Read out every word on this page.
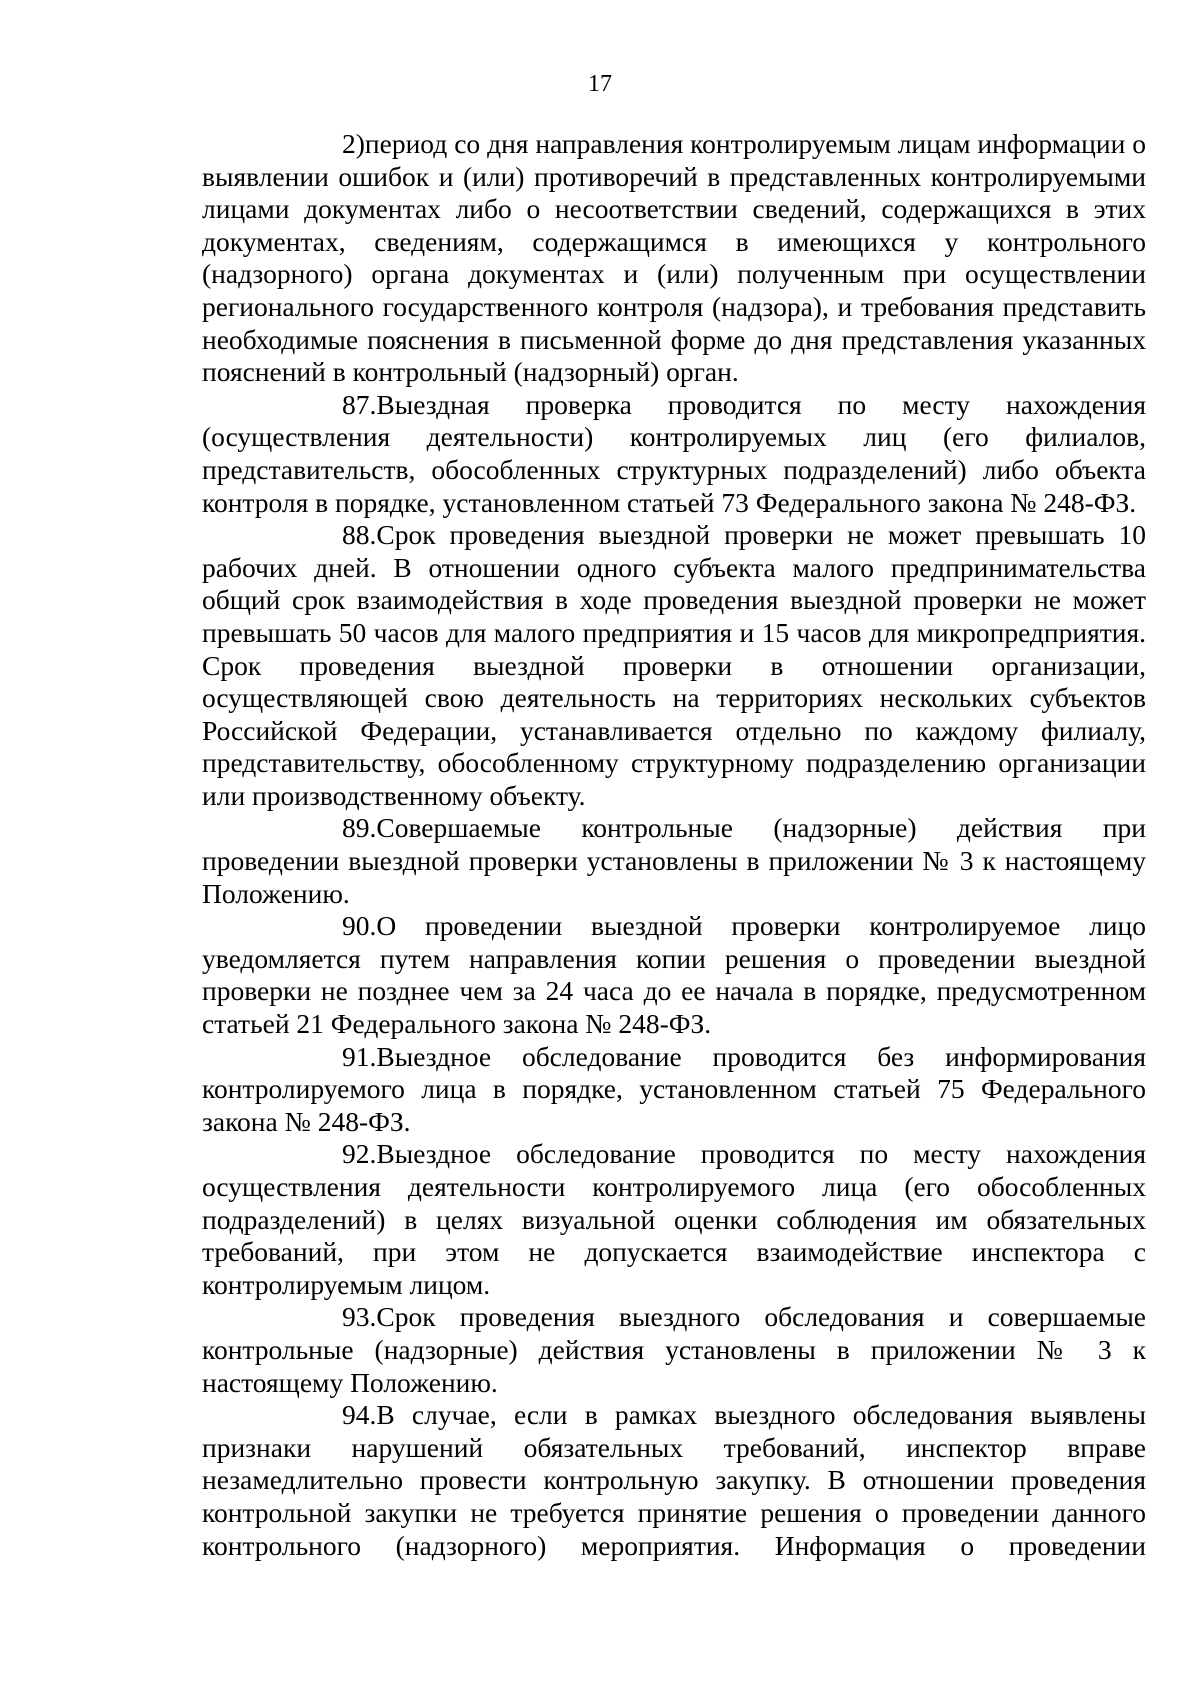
17

2)период со дня направления контролируемым лицам информации о выявлении ошибок и (или) противоречий в представленных контролируемыми лицами документах либо о несоответствии сведений, содержащихся в этих документах, сведениям, содержащимся в имеющихся у контрольного (надзорного) органа документах и (или) полученным при осуществлении регионального государственного контроля (надзора), и требования представить необходимые пояснения в письменной форме до дня представления указанных пояснений в контрольный (надзорный) орган.

87.Выездная проверка проводится по месту нахождения (осуществления деятельности) контролируемых лиц (его филиалов, представительств, обособленных структурных подразделений) либо объекта контроля в порядке, установленном статьей 73 Федерального закона № 248-ФЗ.

88.Срок проведения выездной проверки не может превышать 10 рабочих дней. В отношении одного субъекта малого предпринимательства общий срок взаимодействия в ходе проведения выездной проверки не может превышать 50 часов для малого предприятия и 15 часов для микропредприятия. Срок проведения выездной проверки в отношении организации, осуществляющей свою деятельность на территориях нескольких субъектов Российской Федерации, устанавливается отдельно по каждому филиалу, представительству, обособленному структурному подразделению организации или производственному объекту.

89.Совершаемые контрольные (надзорные) действия при проведении выездной проверки установлены в приложении № 3 к настоящему Положению.

90.О проведении выездной проверки контролируемое лицо уведомляется путем направления копии решения о проведении выездной проверки не позднее чем за 24 часа до ее начала в порядке, предусмотренном статьей 21 Федерального закона № 248-ФЗ.

91.Выездное обследование проводится без информирования контролируемого лица в порядке, установленном статьей 75 Федерального закона № 248-ФЗ.

92.Выездное обследование проводится по месту нахождения осуществления деятельности контролируемого лица (его обособленных подразделений) в целях визуальной оценки соблюдения им обязательных требований, при этом не допускается взаимодействие инспектора с контролируемым лицом.

93.Срок проведения выездного обследования и совершаемые контрольные (надзорные) действия установлены в приложении № 3 к настоящему Положению.

94.В случае, если в рамках выездного обследования выявлены признаки нарушений обязательных требований, инспектор вправе незамедлительно провести контрольную закупку. В отношении проведения контрольной закупки не требуется принятие решения о проведении данного контрольного (надзорного) мероприятия. Информация о проведении
